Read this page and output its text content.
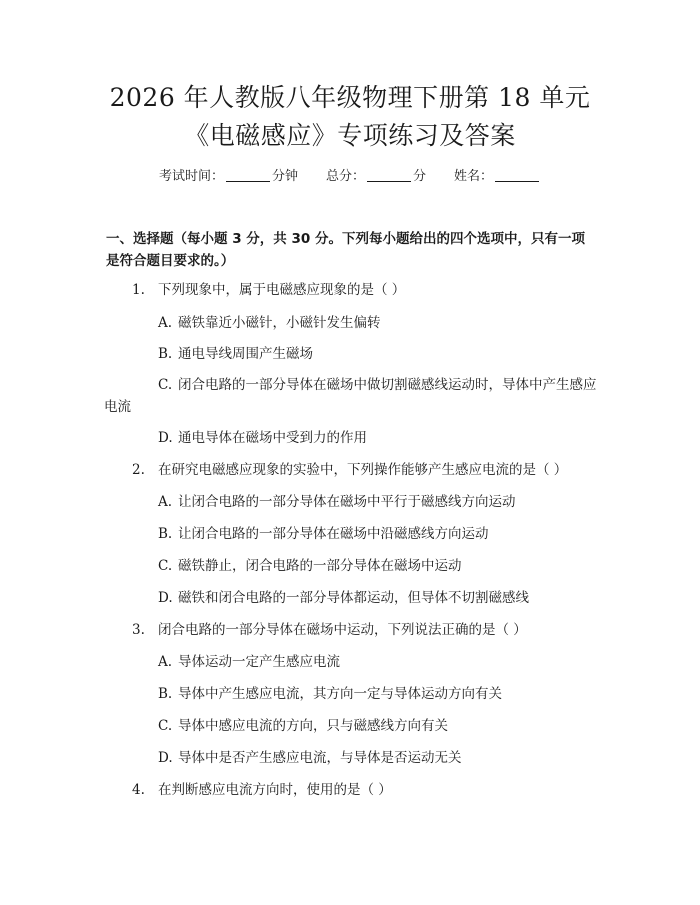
2026 年人教版八年级物理下册第 18 单元
《电磁感应》专项练习及答案
考试时间：	分钟 总分：	分 姓名：
一、选择题（每小题 3 分，共 30 分。下列每小题给出的四个选项中，只有一项是符合题目要求的。）
1. 下列现象中，属于电磁感应现象的是（ ）
A. 磁铁靠近小磁针，小磁针发生偏转
B. 通电导线周围产生磁场
C. 闭合电路的一部分导体在磁场中做切割磁感线运动时，导体中产生感应电流
D. 通电导体在磁场中受到力的作用
2. 在研究电磁感应现象的实验中，下列操作能够产生感应电流的是（ ）
A. 让闭合电路的一部分导体在磁场中平行于磁感线方向运动
B. 让闭合电路的一部分导体在磁场中沿磁感线方向运动
C. 磁铁静止，闭合电路的一部分导体在磁场中运动
D. 磁铁和闭合电路的一部分导体都运动，但导体不切割磁感线
3. 闭合电路的一部分导体在磁场中运动，下列说法正确的是（ ）
A. 导体运动一定产生感应电流
B. 导体中产生感应电流，其方向一定与导体运动方向有关
C. 导体中感应电流的方向，只与磁感线方向有关
D. 导体中是否产生感应电流，与导体是否运动无关
4. 在判断感应电流方向时，使用的是（ ）
